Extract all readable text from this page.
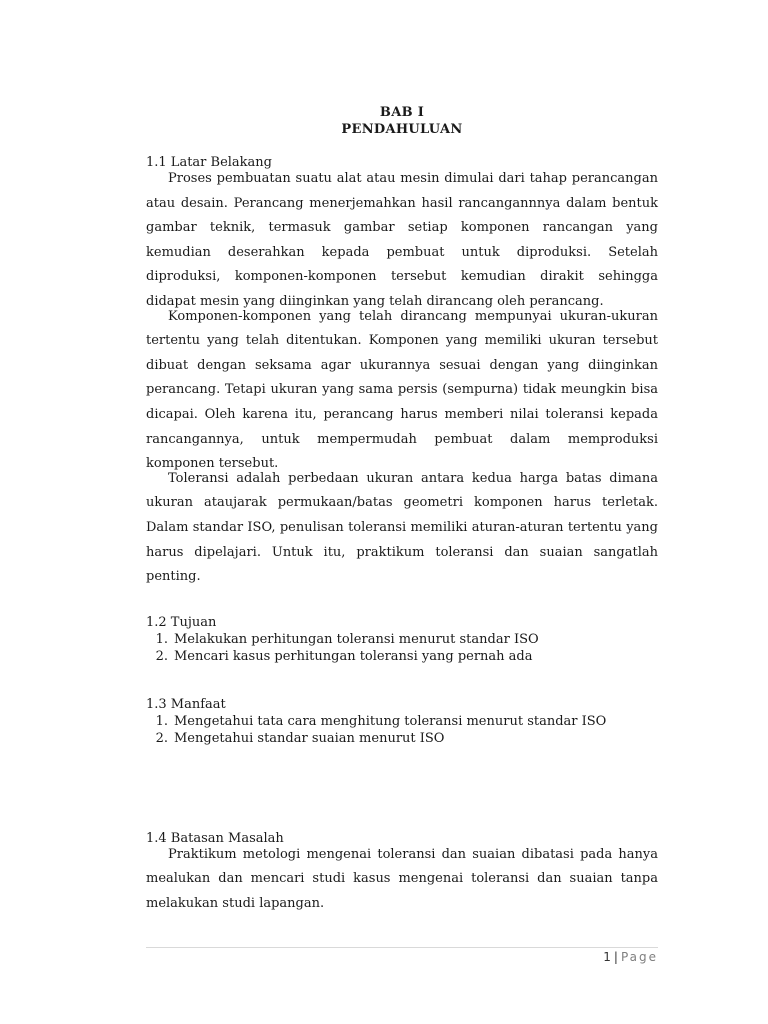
BAB I
PENDAHULUAN
1.1 Latar Belakang

Proses pembuatan suatu alat atau mesin dimulai dari tahap perancangan atau desain. Perancang menerjemahkan hasil rancangannnya dalam bentuk gambar teknik, termasuk gambar setiap komponen rancangan yang kemudian deserahkan kepada pembuat untuk diproduksi. Setelah diproduksi, komponen-komponen tersebut kemudian dirakit sehingga didapat mesin yang diinginkan yang telah dirancang oleh perancang.

Komponen-komponen yang telah dirancang mempunyai ukuran-ukuran tertentu yang telah ditentukan. Komponen yang memiliki ukuran tersebut dibuat dengan seksama agar ukurannya sesuai dengan yang diinginkan perancang. Tetapi ukuran yang sama persis (sempurna) tidak meungkin bisa dicapai. Oleh karena itu, perancang harus memberi nilai toleransi kepada rancangannya, untuk mempermudah pembuat dalam memproduksi komponen tersebut.

Toleransi adalah perbedaan ukuran antara kedua harga batas dimana ukuran ataujarak permukaan/batas geometri komponen harus terletak. Dalam standar ISO, penulisan toleransi memiliki aturan-aturan tertentu yang harus dipelajari. Untuk itu, praktikum toleransi dan suaian sangatlah penting.

1.2 Tujuan
1. Melakukan perhitungan toleransi menurut standar ISO
2. Mencari kasus perhitungan toleransi yang pernah ada
1.3 Manfaat
1. Mengetahui tata cara menghitung toleransi menurut standar ISO
2. Mengetahui standar suaian menurut ISO
1.4 Batasan Masalah

Praktikum metologi mengenai toleransi dan suaian dibatasi pada hanya mealukan dan mencari studi kasus mengenai toleransi dan suaian tanpa melakukan studi lapangan.

1 | Page
